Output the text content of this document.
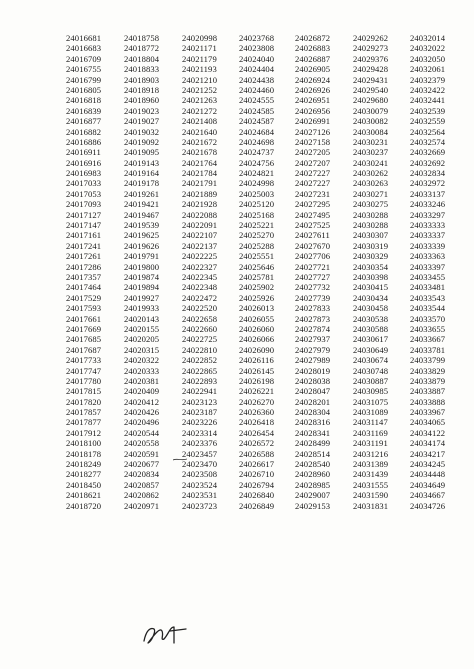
24016681	24018758	24020998	24023768	24026872	24029262	24032014
24016683	24018772	24021171	24023808	24026883	24029273	24032022
24016709	24018804	24021179	24024040	24026887	24029376	24032050
24016755	24018833	24021193	24024404	24026905	24029428	24032061
24016799	24018903	24021210	24024438	24026924	24029431	24032379
24016805	24018918	24021252	24024460	24026926	24029540	24032422
24016818	24018960	24021263	24024555	24026951	24029680	24032441
24016839	24019023	24021272	24024585	24026956	24030079	24032539
24016877	24019027	24021408	24024587	24026991	24030082	24032559
24016882	24019032	24021640	24024684	24027126	24030084	24032564
24016886	24019092	24021672	24024698	24027158	24030231	24032574
24016911	24019095	24021678	24024737	24027205	24030237	24032669
24016916	24019143	24021764	24024756	24027207	24030241	24032692
24016983	24019164	24021784	24024821	24027227	24030262	24032834
24017033	24019178	24021791	24024998	24027227	24030263	24032972
24017053	24019261	24021889	24025003	24027231	24030271	24033137
24017093	24019421	24021928	24025120	24027295	24030275	24033246
24017127	24019467	24022088	24025168	24027495	24030288	24033297
24017147	24019539	24022091	24025221	24027525	24030288	24033333
24017161	24019625	24022107	24025270	24027611	24030307	24033337
24017241	24019626	24022137	24025288	24027670	24030319	24033339
24017261	24019791	24022225	24025551	24027706	24030329	24033363
24017286	24019800	24022327	24025646	24027721	24030354	24033397
24017357	24019874	24022345	24025781	24027727	24030398	24033455
24017464	24019894	24022348	24025902	24027732	24030415	24033481
24017529	24019927	24022472	24025926	24027739	24030434	24033543
24017593	24019933	24022520	24026013	24027833	24030458	24033544
24017661	24020143	24022658	24026055	24027873	24030538	24033570
24017669	24020155	24022660	24026060	24027874	24030588	24033655
24017685	24020205	24022725	24026066	24027937	24030617	24033667
24017687	24020315	24022810	24026090	24027979	24030649	24033781
24017733	24020322	24022852	24026116	24027989	24030674	24033799
24017747	24020333	24022865	24026145	24028019	24030748	24033829
24017780	24020381	24022893	24026198	24028038	24030887	24033879
24017815	24020409	24022941	24026221	24028047	24030985	24033887
24017820	24020412	24023123	24026270	24028201	24031075	24033888
24017857	24020426	24023187	24026360	24028304	24031089	24033967
24017877	24020496	24023226	24026418	24028316	24031147	24034065
24017912	24020544	24023314	24026454	24028341	24031169	24034122
24018100	24020558	24023376	24026572	24028499	24031191	24034174
24018178	24020591	24023457	24026588	24028514	24031216	24034217
24018249	24020677	24023470	24026617	24028540	24031389	24034245
24018277	24020834	24023508	24026710	24028960	24031439	24034448
24018450	24020857	24023524	24026794	24028985	24031555	24034649
24018621	24020862	24023531	24026840	24029007	24031590	24034667
24018720	24020971	24023723	24026849	24029153	24031831	24034726
